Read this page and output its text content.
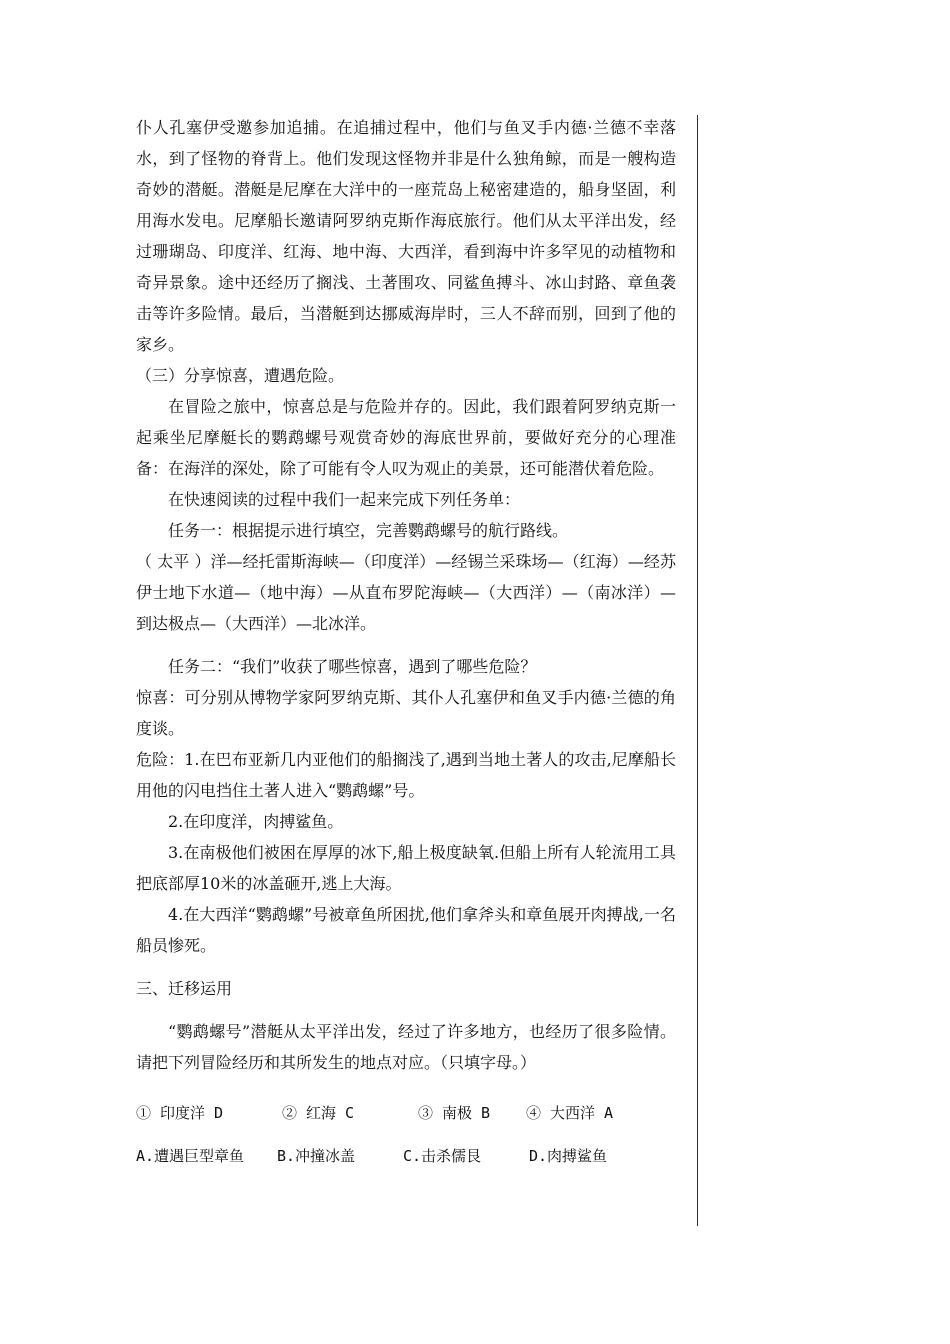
仆人孔塞伊受邀参加追捕。在追捕过程中，他们与鱼叉手内德·兰德不幸落水，到了怪物的脊背上。他们发现这怪物并非是什么独角鲸，而是一艘构造奇妙的潜艇。潜艇是尼摩在大洋中的一座荒岛上秘密建造的，船身坚固，利用海水发电。尼摩船长邀请阿罗纳克斯作海底旅行。他们从太平洋出发，经过珊瑚岛、印度洋、红海、地中海、大西洋，看到海中许多罕见的动植物和奇异景象。途中还经历了搁浅、土著围攻、同鲨鱼搏斗、冰山封路、章鱼袭击等许多险情。最后，当潜艇到达挪威海岸时，三人不辞而别，回到了他的家乡。

（三）分享惊喜，遭遇危险。

在冒险之旅中，惊喜总是与危险并存的。因此，我们跟着阿罗纳克斯一起乘坐尼摩艇长的鹦鹉螺号观赏奇妙的海底世界前，要做好充分的心理准备：在海洋的深处，除了可能有令人叹为观止的美景，还可能潜伏着危险。

在快速阅读的过程中我们一起来完成下列任务单：

任务一：根据提示进行填空，完善鹦鹉螺号的航行路线。

（ 太平 ）洋—经托雷斯海峡—（印度洋）—经锡兰采珠场—（红海）—经苏伊士地下水道—（地中海）—从直布罗陀海峡—（大西洋）—（南冰洋）—到达极点—（大西洋）—北冰洋。

任务二：“我们”收获了哪些惊喜，遇到了哪些危险？

惊喜：可分别从博物学家阿罗纳克斯、其仆人孔塞伊和鱼叉手内德·兰德的角度谈。

危险：1.在巴布亚新几内亚他们的船搁浅了,遇到当地土著人的攻击,尼摩船长用他的闪电挡住土著人进入“鹦鹉螺”号。

2.在印度洋，肉搏鲨鱼。

3.在南极他们被困在厚厚的冰下,船上极度缺氧.但船上所有人轮流用工具把底部厚10米的冰盖砸开,逃上大海。

4.在大西洋“鹦鹉螺”号被章鱼所困扰,他们拿斧头和章鱼展开肉搏战,一名船员惨死。

三、迁移运用

“鹦鹉螺号”潜艇从太平洋出发，经过了许多地方，也经历了很多险情。请把下列冒险经历和其所发生的地点对应。（只填字母。）

① 印度洋 D	② 红海 C	③ 南极 B	④ 大西洋 A
A.遭遇巨型章鱼	B.冲撞冰盖	C.击杀儒艮	D.肉搏鲨鱼
